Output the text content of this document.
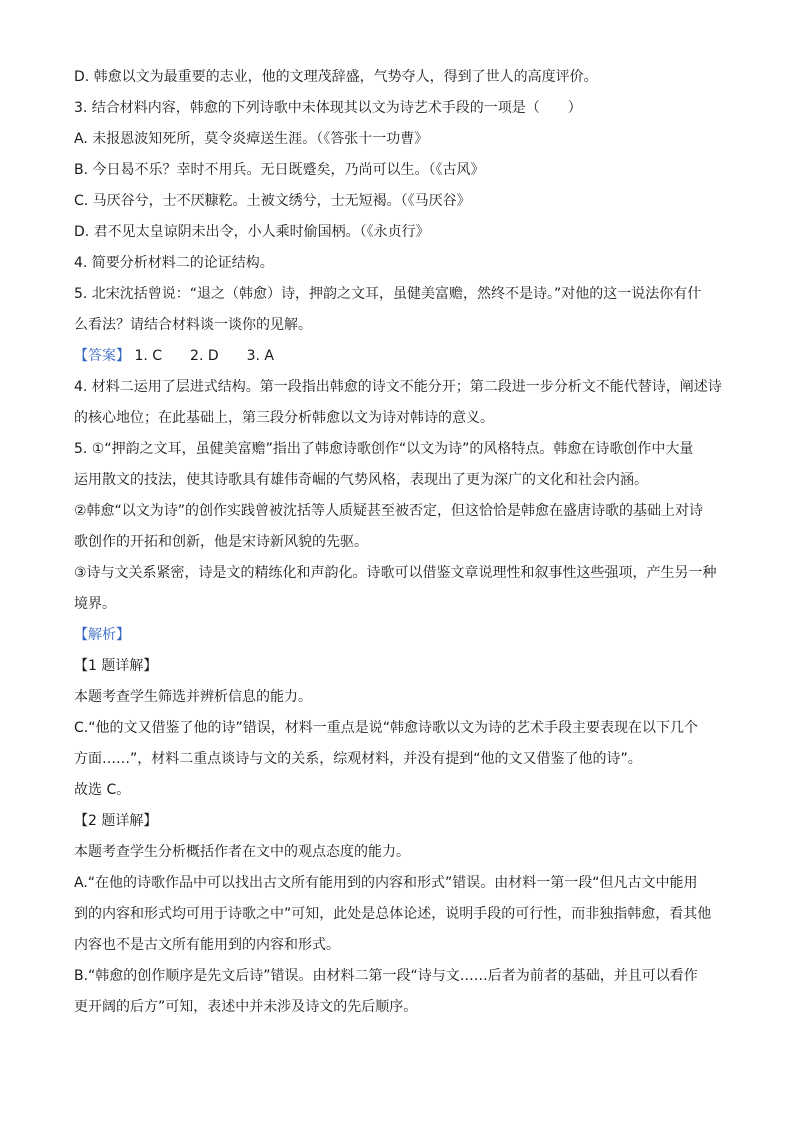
D. 韩愈以文为最重要的志业，他的文理茂辞盛，气势夺人，得到了世人的高度评价。
3. 结合材料内容，韩愈的下列诗歌中未体现其以文为诗艺术手段的一项是（　　）
A. 未报恩波知死所，莫令炎瘴送生涯。（《答张十一功曹》
B. 今日曷不乐？幸时不用兵。无日既蹙矣，乃尚可以生。（《古风》
C. 马厌谷兮，士不厌糠籺。土被文绣兮，士无短褐。（《马厌谷》
D. 君不见太皇谅阴未出令，小人乘时偷国柄。（《永贞行》
4. 简要分析材料二的论证结构。
5. 北宋沈括曾说：“退之（韩愈）诗，押韵之文耳，虽健美富赡，然终不是诗。”对他的这一说法你有什
么看法？请结合材料谈一谈你的见解。
【答案】 1. C　　2. D　　3. A
4. 材料二运用了层进式结构。第一段指出韩愈的诗文不能分开；第二段进一步分析文不能代替诗，阐述诗
的核心地位；在此基础上，第三段分析韩愈以文为诗对韩诗的意义。
5. ①“押韵之文耳，虽健美富赡”指出了韩愈诗歌创作“以文为诗”的风格特点。韩愈在诗歌创作中大量
运用散文的技法，使其诗歌具有雄伟奇崛的气势风格，表现出了更为深广的文化和社会内涵。
②韩愈“以文为诗”的创作实践曾被沈括等人质疑甚至被否定，但这恰恰是韩愈在盛唐诗歌的基础上对诗
歌创作的开拓和创新，他是宋诗新风貌的先驱。
③诗与文关系紧密，诗是文的精练化和声韵化。诗歌可以借鉴文章说理性和叙事性这些强项，产生另一种
境界。
【解析】
【1 题详解】
本题考查学生筛选并辨析信息的能力。
C.“他的文又借鉴了他的诗”错误，材料一重点是说“韩愈诗歌以文为诗的艺术手段主要表现在以下几个
方面……”，材料二重点谈诗与文的关系，综观材料，并没有提到“他的文又借鉴了他的诗”。
故选 C。
【2 题详解】
本题考查学生分析概括作者在文中的观点态度的能力。
A.“在他的诗歌作品中可以找出古文所有能用到的内容和形式”错误。由材料一第一段“但凡古文中能用
到的内容和形式均可用于诗歌之中”可知，此处是总体论述，说明手段的可行性，而非独指韩愈，看其他
内容也不是古文所有能用到的内容和形式。
B.“韩愈的创作顺序是先文后诗”错误。由材料二第一段“诗与文……后者为前者的基础，并且可以看作
更开阔的后方”可知，表述中并未涉及诗文的先后顺序。
